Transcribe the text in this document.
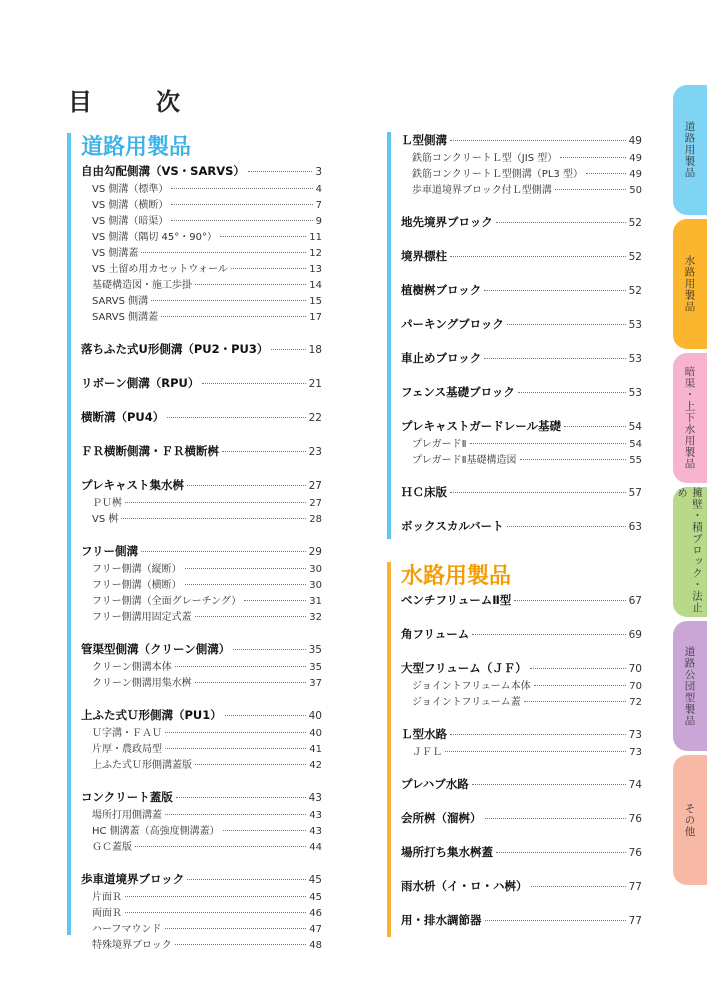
目　次
道路用製品
自由勾配側溝（VS・SARVS）	3
VS 側溝（標準）	4
VS 側溝（横断）	7
VS 側溝（暗渠）	9
VS 側溝（隅切 45°・90°）	11
VS 側溝蓋	12
VS 土留め用カセットウォール	13
基礎構造図・施工歩掛	14
SARVS 側溝	15
SARVS 側溝蓋	17
落ちふた式U形側溝（PU2・PU3）	18
リボーン側溝（RPU）	21
横断溝（PU4）	22
ＦＲ横断側溝・ＦＲ横断桝	23
プレキャスト集水桝	27
ＰＵ桝	27
VS 桝	28
フリー側溝	29
フリー側溝（縦断）	30
フリー側溝（横断）	30
フリー側溝（全面グレーチング）	31
フリー側溝用固定式蓋	32
管渠型側溝（クリーン側溝）	35
クリーン側溝本体	35
クリーン側溝用集水桝	37
上ふた式Ｕ形側溝（PU1）	40
Ｕ字溝・ＦＡＵ	40
片厚・農政局型	41
上ふた式Ｕ形側溝蓋版	42
コンクリート蓋版	43
場所打用側溝蓋	43
HC 側溝蓋（高強度側溝蓋）	43
ＧＣ蓋版	44
歩車道境界ブロック	45
片面Ｒ	45
両面Ｒ	46
ハーフマウンド	47
特殊境界ブロック	48
Ｌ型側溝	49
鉄筋コンクリートＬ型（JIS 型）	49
鉄筋コンクリートＬ型側溝（PL3 型）	49
歩車道境界ブロック付Ｌ型側溝	50
地先境界ブロック	52
境界標柱	52
植樹桝ブロック	52
パーキングブロック	53
車止めブロック	53
フェンス基礎ブロック	53
プレキャストガードレール基礎	54
プレガードⅡ	54
プレガードⅡ基礎構造図	55
ＨＣ床版	57
ボックスカルバート	63
水路用製品
ベンチフリュームⅡ型	67
角フリューム	69
大型フリューム（ＪＦ）	70
ジョイントフリューム本体	70
ジョイントフリューム蓋	72
Ｌ型水路	73
ＪＦＬ	73
プレハブ水路	74
会所桝（溜桝）	76
場所打ち集水桝蓋	76
雨水枡（イ・ロ・ハ桝）	77
用・排水調節器	77
道路用製品
水路用製品
暗渠・上下水用製品
擁壁・積ブロック・法止め
道路公団型製品
その他
